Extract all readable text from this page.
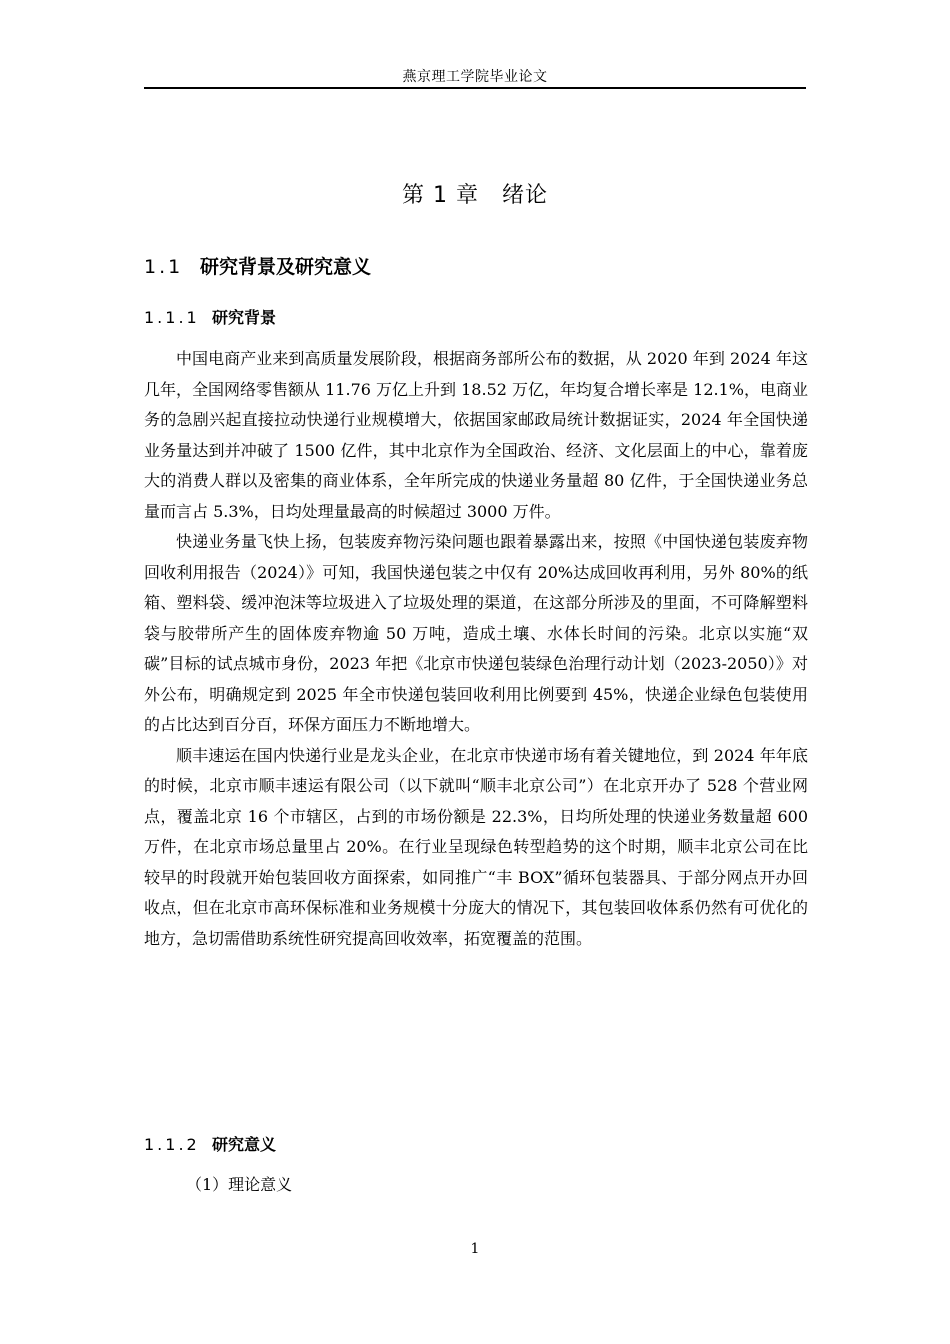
燕京理工学院毕业论文
第 1 章　绪论
1.1 研究背景及研究意义
1.1.1 研究背景

中国电商产业来到高质量发展阶段，根据商务部所公布的数据，从 2020 年到 2024 年这几年，全国网络零售额从 11.76 万亿上升到 18.52 万亿，年均复合增长率是 12.1%，电商业务的急剧兴起直接拉动快递行业规模增大，依据国家邮政局统计数据证实，2024 年全国快递业务量达到并冲破了 1500 亿件，其中北京作为全国政治、经济、文化层面上的中心，靠着庞大的消费人群以及密集的商业体系，全年所完成的快递业务量超 80 亿件，于全国快递业务总量而言占 5.3%，日均处理量最高的时候超过 3000 万件。

快递业务量飞快上扬，包装废弃物污染问题也跟着暴露出来，按照《中国快递包装废弃物回收利用报告（2024）》可知，我国快递包装之中仅有 20%达成回收再利用，另外 80%的纸箱、塑料袋、缓冲泡沫等垃圾进入了垃圾处理的渠道，在这部分所涉及的里面，不可降解塑料袋与胶带所产生的固体废弃物逾 50 万吨，造成土壤、水体长时间的污染。北京以实施“双碳”目标的试点城市身份，2023 年把《北京市快递包装绿色治理行动计划（2023-2050）》对外公布，明确规定到 2025 年全市快递包装回收利用比例要到 45%，快递企业绿色包装使用的占比达到百分百，环保方面压力不断地增大。

顺丰速运在国内快递行业是龙头企业，在北京市快递市场有着关键地位，到 2024 年年底的时候，北京市顺丰速运有限公司（以下就叫“顺丰北京公司”）在北京开办了 528 个营业网点，覆盖北京 16 个市辖区，占到的市场份额是 22.3%，日均所处理的快递业务数量超 600 万件，在北京市场总量里占 20%。在行业呈现绿色转型趋势的这个时期，顺丰北京公司在比较早的时段就开始包装回收方面探索，如同推广“丰 BOX”循环包装器具、于部分网点开办回收点，但在北京市高环保标准和业务规模十分庞大的情况下，其包装回收体系仍然有可优化的地方，急切需借助系统性研究提高回收效率，拓宽覆盖的范围。

1.1.2 研究意义
（1）理论意义
1
